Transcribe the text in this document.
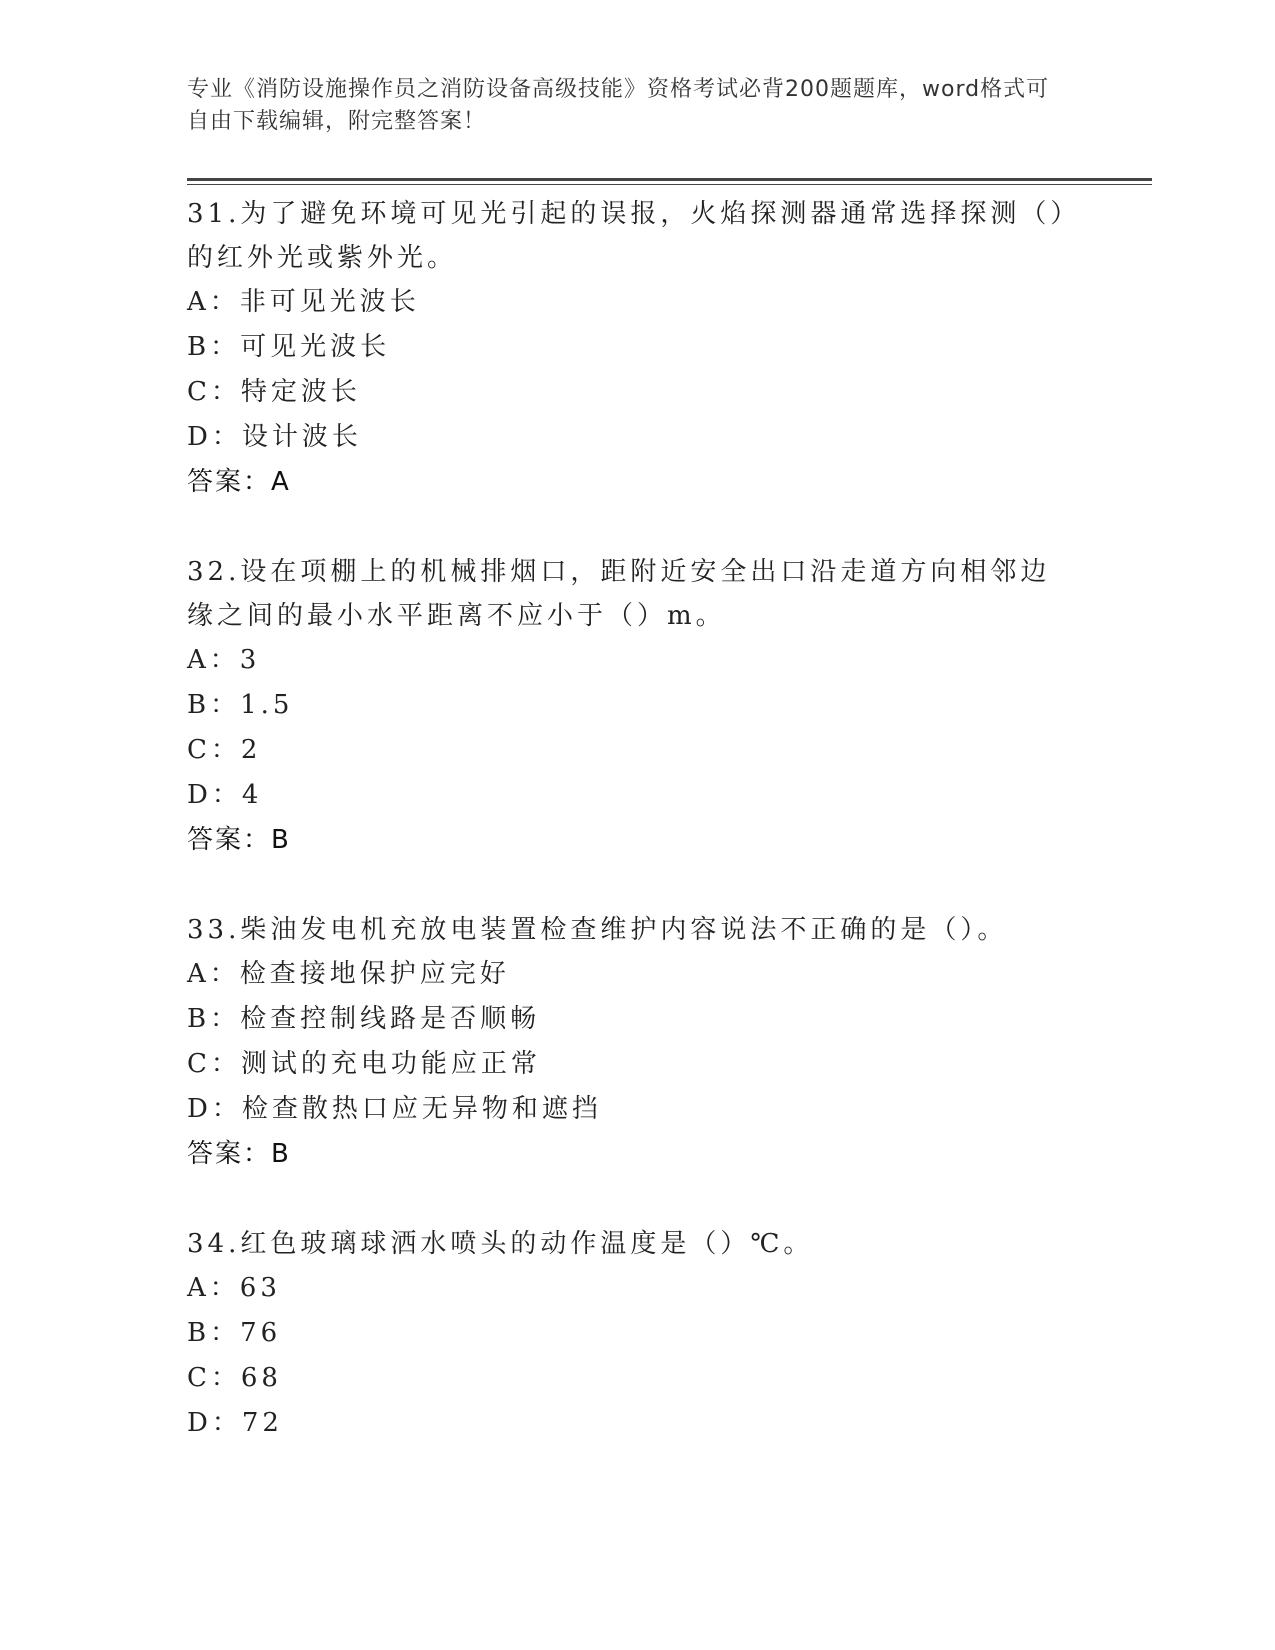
专业《消防设施操作员之消防设备高级技能》资格考试必背200题题库，word格式可自由下载编辑，附完整答案！

31.为了避免环境可见光引起的误报，火焰探测器通常选择探测（）的红外光或紫外光。

A：非可见光波长

B：可见光波长

C：特定波长

D：设计波长

答案：A

32.设在项棚上的机械排烟口，距附近安全出口沿走道方向相邻边缘之间的最小水平距离不应小于（）m。

A：3

B：1.5

C：2

D：4

答案：B

33.柴油发电机充放电装置检查维护内容说法不正确的是（）。

A：检查接地保护应完好

B：检查控制线路是否顺畅

C：测试的充电功能应正常

D：检查散热口应无异物和遮挡

答案：B

34.红色玻璃球洒水喷头的动作温度是（）℃。

A：63

B：76

C：68

D：72
